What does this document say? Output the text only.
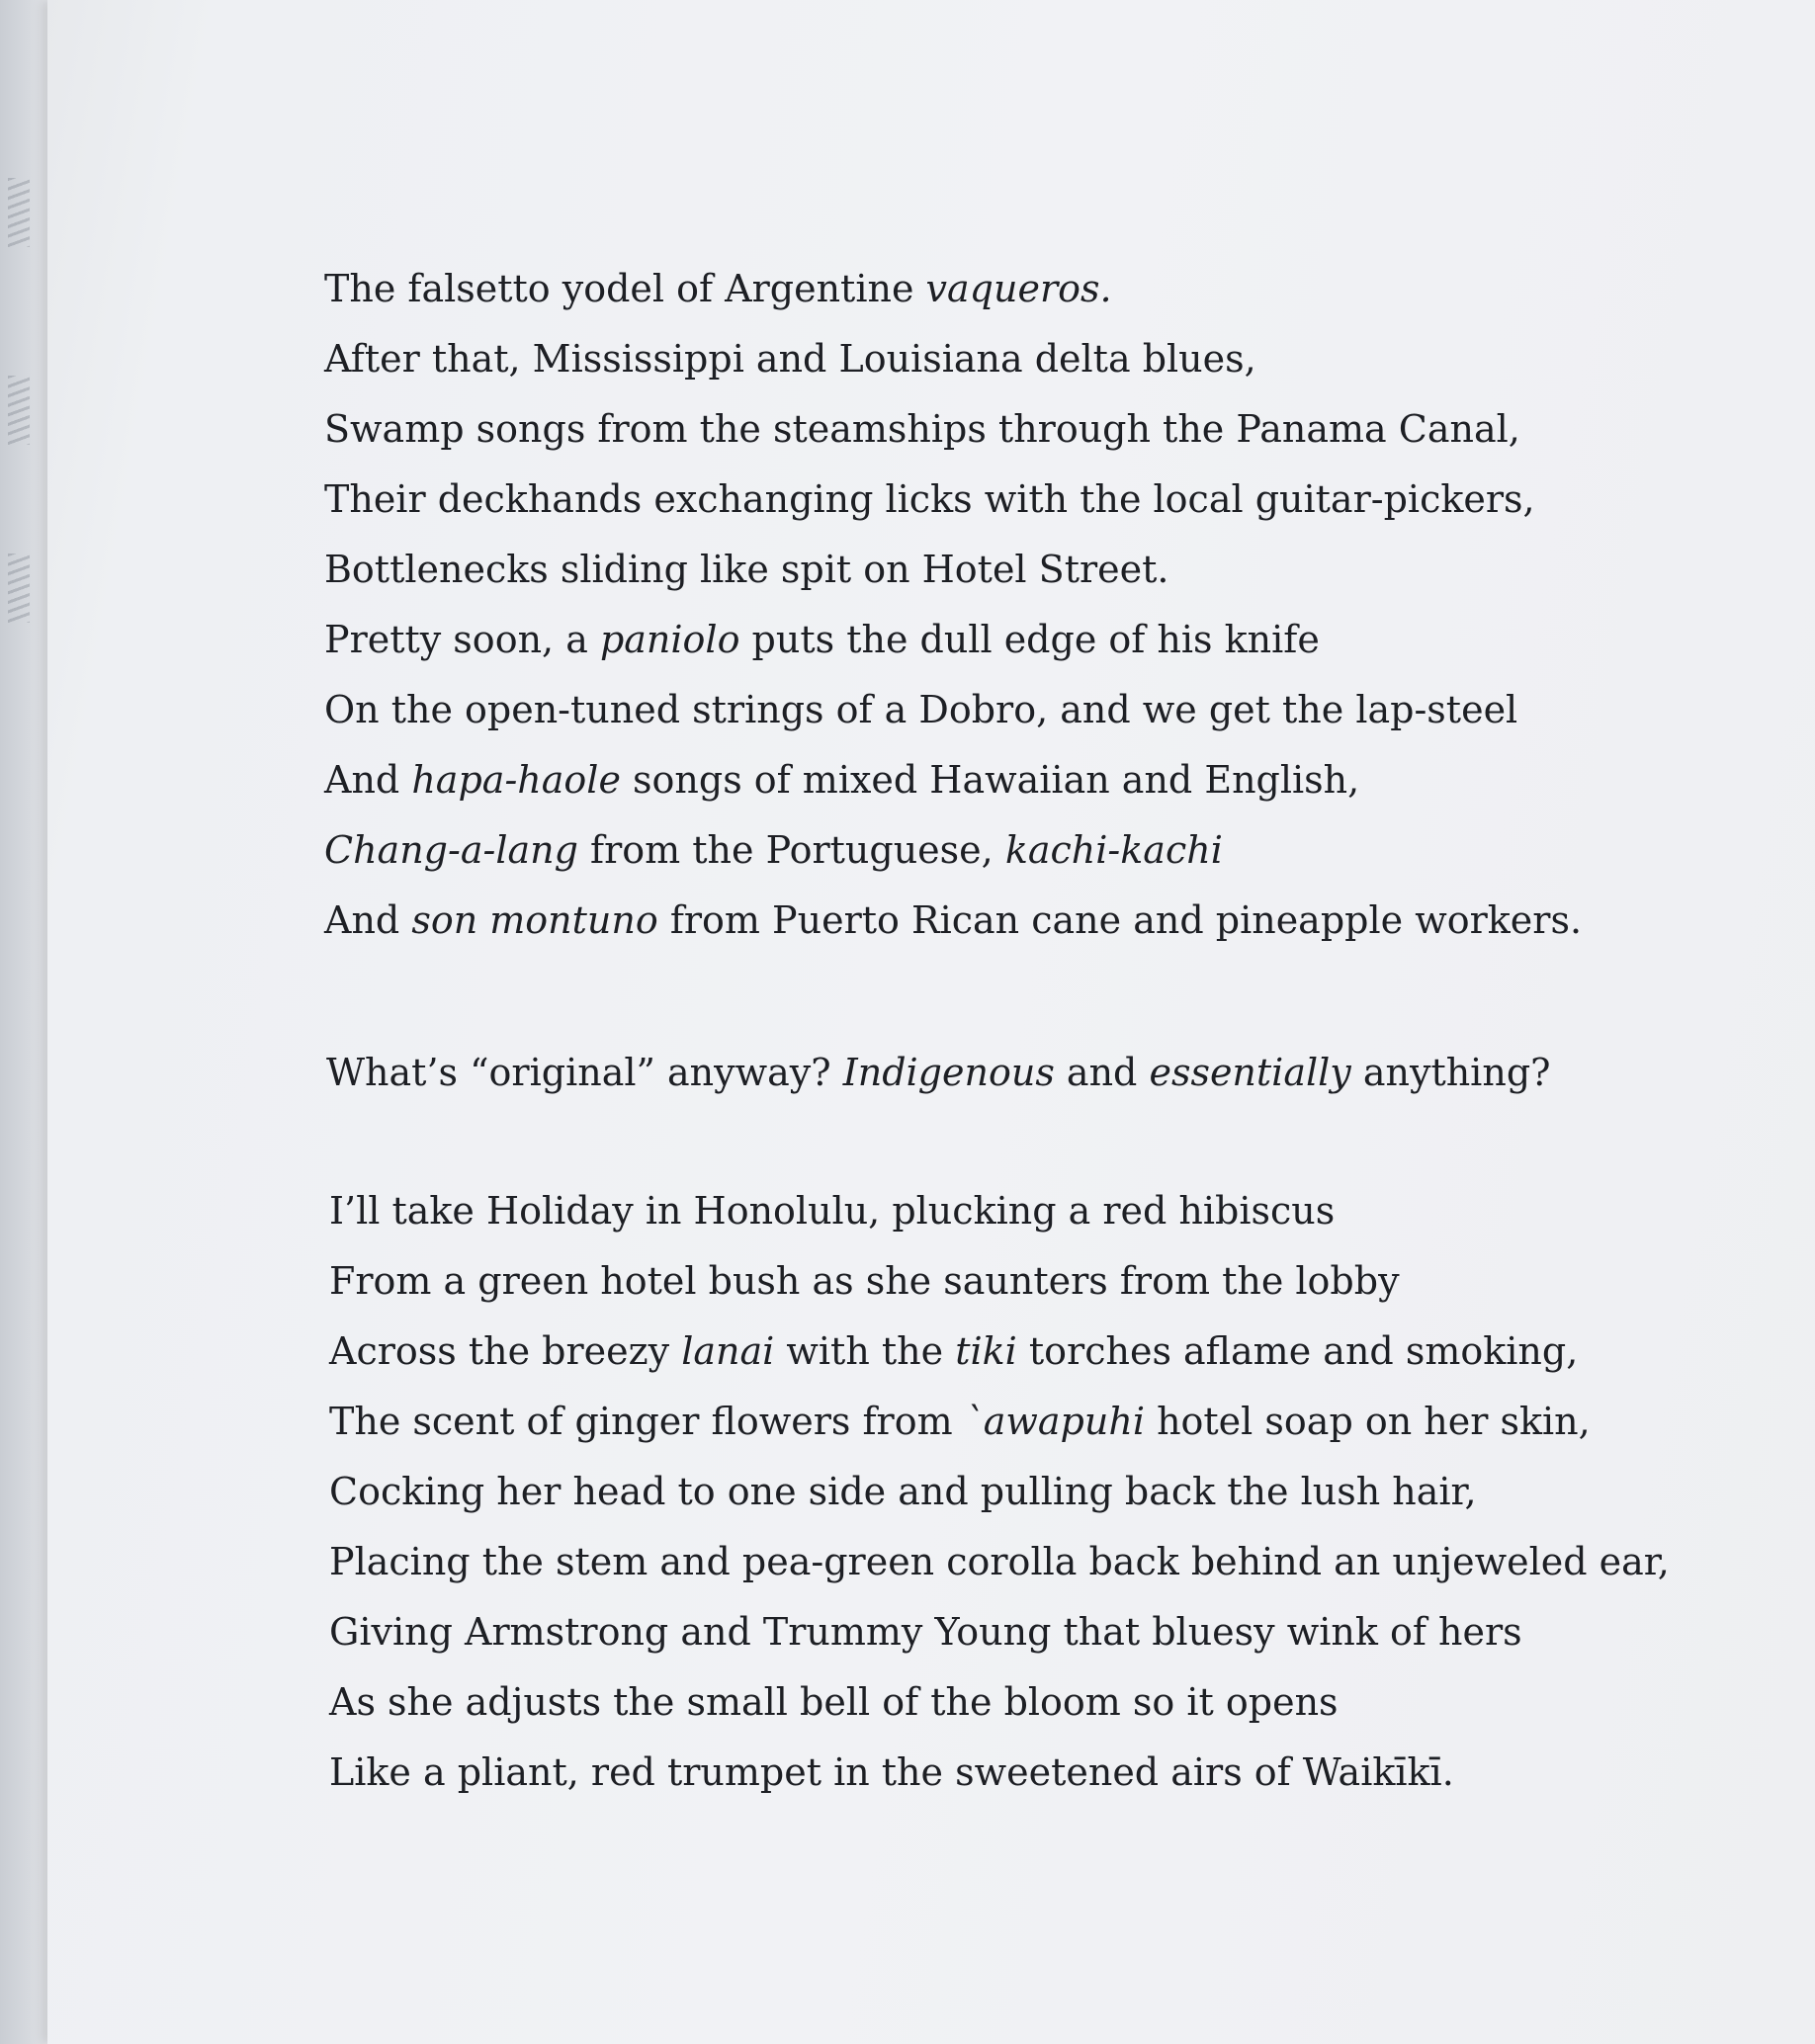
The falsetto yodel of Argentine vaqueros.
After that, Mississippi and Louisiana delta blues,
Swamp songs from the steamships through the Panama Canal,
Their deckhands exchanging licks with the local guitar-pickers,
Bottlenecks sliding like spit on Hotel Street.
Pretty soon, a paniolo puts the dull edge of his knife
On the open-tuned strings of a Dobro, and we get the lap-steel
And hapa-haole songs of mixed Hawaiian and English,
Chang-a-lang from the Portuguese, kachi-kachi
And son montuno from Puerto Rican cane and pineapple workers.
What’s “original” anyway? Indigenous and essentially anything?
I’ll take Holiday in Honolulu, plucking a red hibiscus
From a green hotel bush as she saunters from the lobby
Across the breezy lanai with the tiki torches aflame and smoking,
The scent of ginger flowers from `awapuhi hotel soap on her skin,
Cocking her head to one side and pulling back the lush hair,
Placing the stem and pea-green corolla back behind an unjeweled ear,
Giving Armstrong and Trummy Young that bluesy wink of hers
As she adjusts the small bell of the bloom so it opens
Like a pliant, red trumpet in the sweetened airs of Waikīkī.
